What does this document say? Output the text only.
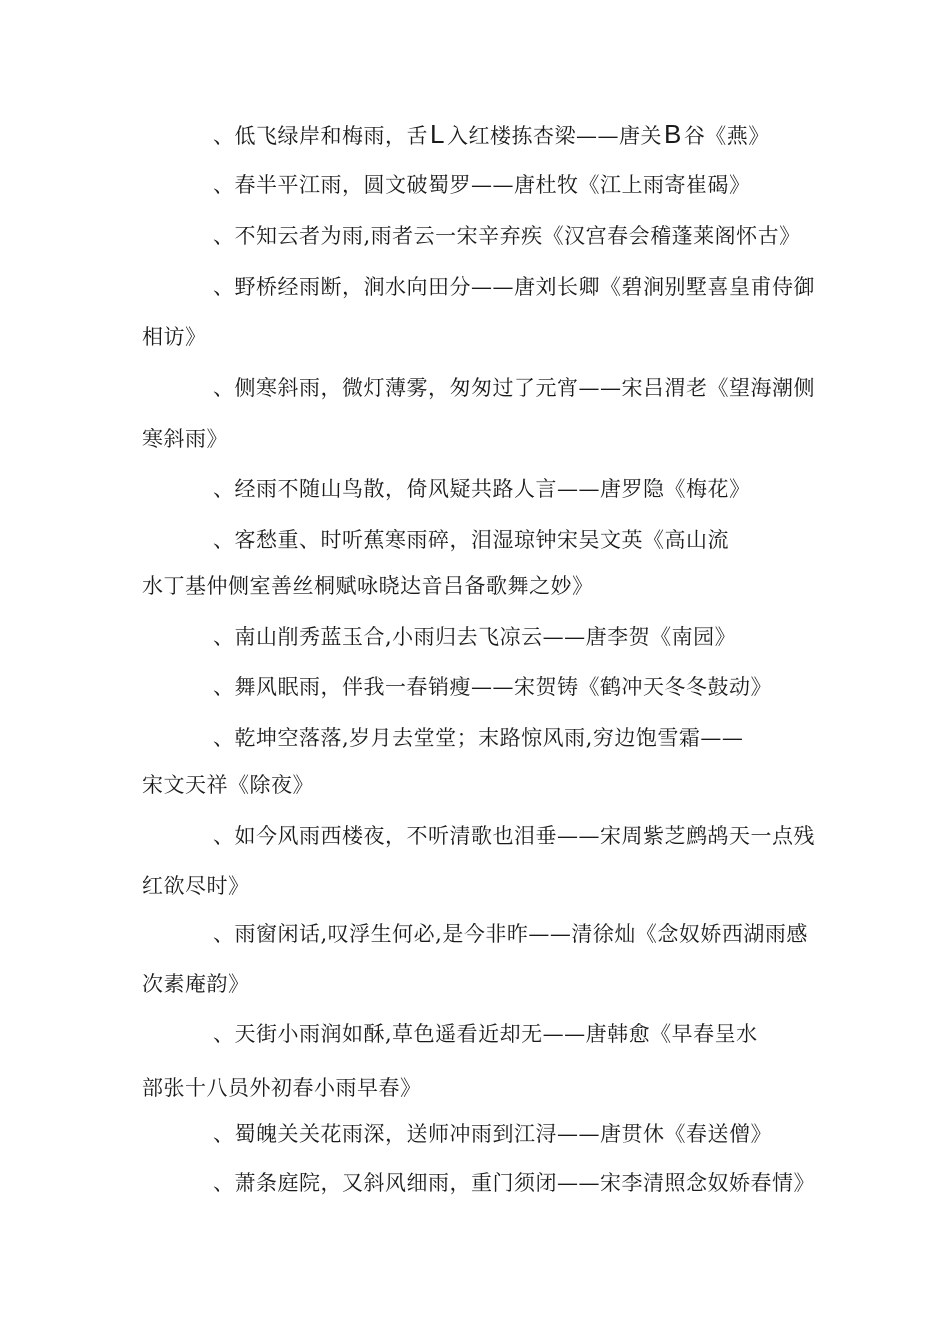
、低飞绿岸和梅雨，舌L入红楼拣杏梁——唐关B谷《燕》
、春半平江雨，圆文破蜀罗——唐杜牧《江上雨寄崔碣》
、不知云者为雨,雨者云一宋辛弃疾《汉宫春会稽蓬莱阁怀古》
、野桥经雨断，涧水向田分——唐刘长卿《碧涧别墅喜皇甫侍御
相访》
、侧寒斜雨，微灯薄雾，匆匆过了元宵——宋吕渭老《望海潮侧
寒斜雨》
、经雨不随山鸟散，倚风疑共路人言——唐罗隐《梅花》
、客愁重、时听蕉寒雨碎，泪湿琼钟宋吴文英《高山流
水丁基仲侧室善丝桐赋咏晓达音吕备歌舞之妙》
、南山削秀蓝玉合,小雨归去飞凉云——唐李贺《南园》
、舞风眠雨，伴我一春销瘦——宋贺铸《鹤冲天冬冬鼓动》
、乾坤空落落,岁月去堂堂；末路惊风雨,穷边饱雪霜——
宋文天祥《除夜》
、如今风雨西楼夜，不听清歌也泪垂——宋周紫芝鹧鸪天一点残
红欲尽时》
、雨窗闲话,叹浮生何必,是今非昨——清徐灿《念奴娇西湖雨感
次素庵韵》
、天街小雨润如酥,草色遥看近却无——唐韩愈《早春呈水
部张十八员外初春小雨早春》
、蜀魄关关花雨深，送师冲雨到江浔——唐贯休《春送僧》
、萧条庭院，又斜风细雨，重门须闭——宋李清照念奴娇春情》
